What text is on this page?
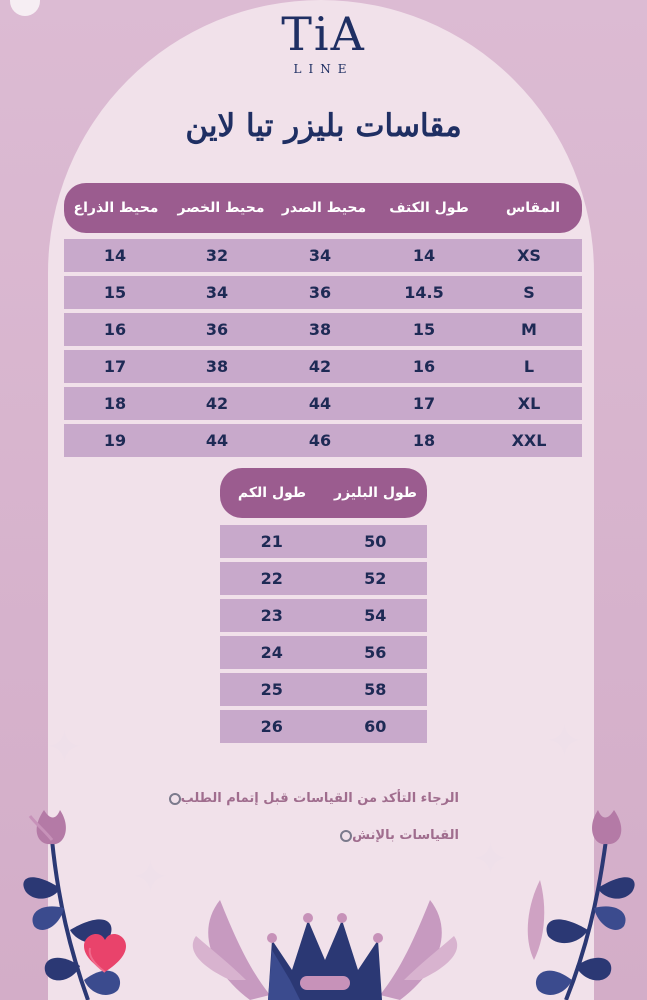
TiA
LINE
مقاسات بليزر تيا لاين
المقاس
طول الكتف
محيط الصدر
محيط الخصر
محيط الذراع
XS
14
34
32
14
S
14.5
36
34
15
M
15
38
36
16
L
16
42
38
17
XL
17
44
42
18
XXL
18
46
44
19
طول البليزر
طول الكم
50
21
52
22
54
23
56
24
58
25
60
26
✦	✦
✦	✦
الرجاء التأكد من القياسات قبل إتمام الطلب
القياسات بالإنش
